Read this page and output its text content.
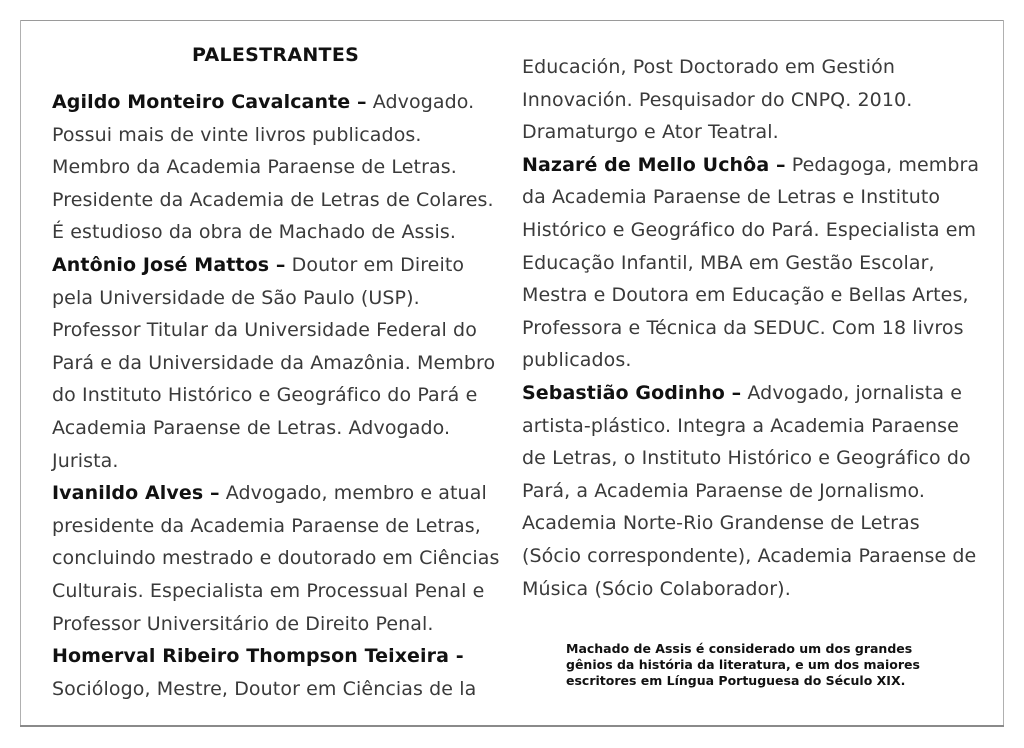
PALESTRANTES
Agildo Monteiro Cavalcante – Advogado. Possui mais de vinte livros publicados. Membro da Academia Paraense de Letras. Presidente da Academia de Letras de Colares. É estudioso da obra de Machado de Assis.
Antônio José Mattos – Doutor em Direito pela Universidade de São Paulo (USP). Professor Titular da Universidade Federal do Pará e da Universidade da Amazônia. Membro do Instituto Histórico e Geográfico do Pará e Academia Paraense de Letras. Advogado. Jurista.
Ivanildo Alves – Advogado, membro e atual presidente da Academia Paraense de Letras, concluindo mestrado e doutorado em Ciências Culturais. Especialista em Processual Penal e Professor Universitário de Direito Penal.
Homerval Ribeiro Thompson Teixeira - Sociólogo, Mestre, Doutor em Ciências de la
Educación, Post Doctorado em Gestión Innovación. Pesquisador do CNPQ. 2010. Dramaturgo e Ator Teatral.
Nazaré de Mello Uchôa – Pedagoga, membra da Academia Paraense de Letras e Instituto Histórico e Geográfico do Pará. Especialista em Educação Infantil, MBA em Gestão Escolar, Mestra e Doutora em Educação e Bellas Artes, Professora e Técnica da SEDUC. Com 18 livros publicados.
Sebastião Godinho – Advogado, jornalista e artista-plástico. Integra a Academia Paraense de Letras, o Instituto Histórico e Geográfico do Pará, a Academia Paraense de Jornalismo. Academia Norte-Rio Grandense de Letras (Sócio correspondente), Academia Paraense de Música (Sócio Colaborador).
Machado de Assis é considerado um dos grandes gênios da história da literatura, e um dos maiores escritores em Língua Portuguesa do Século XIX.
